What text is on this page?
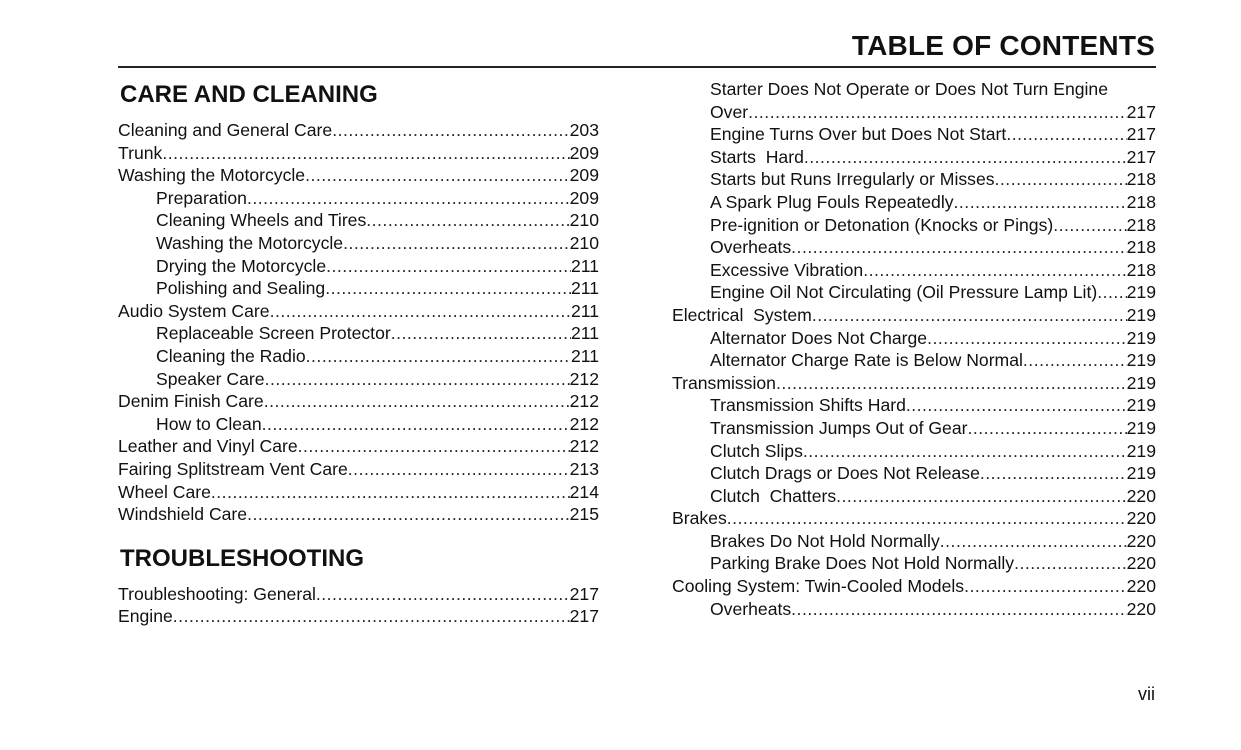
TABLE OF CONTENTS
CARE AND CLEANING
Cleaning and General Care .....	203
Trunk .....	209
Washing the Motorcycle .....	209
Preparation .....	209
Cleaning Wheels and Tires .....	210
Washing the Motorcycle .....	210
Drying the Motorcycle .....	211
Polishing and Sealing .....	211
Audio System Care .....	211
Replaceable Screen Protector .....	211
Cleaning the Radio .....	211
Speaker Care .....	212
Denim Finish Care .....	212
How to Clean .....	212
Leather and Vinyl Care .....	212
Fairing Splitstream Vent Care .....	213
Wheel Care .....	214
Windshield Care .....	215
TROUBLESHOOTING
Troubleshooting: General .....	217
Engine .....	217
Starter Does Not Operate or Does Not Turn Engine
Over .....	217
Engine Turns Over but Does Not Start .....	217
Starts  Hard .....	217
Starts but Runs Irregularly or Misses .....	218
A Spark Plug Fouls Repeatedly .....	218
Pre-ignition or Detonation (Knocks or Pings) .....	218
Overheats .....	218
Excessive Vibration .....	218
Engine Oil Not Circulating (Oil Pressure Lamp Lit) ..... 219
Electrical  System .....	219
Alternator Does Not Charge .....	219
Alternator Charge Rate is Below Normal .....	219
Transmission .....	219
Transmission Shifts Hard .....	219
Transmission Jumps Out of Gear .....	219
Clutch Slips .....	219
Clutch Drags or Does Not Release .....	219
Clutch  Chatters .....	220
Brakes .....	220
Brakes Do Not Hold Normally .....	220
Parking Brake Does Not Hold Normally .....	220
Cooling System: Twin-Cooled Models .....	220
Overheats .....	220
vii
